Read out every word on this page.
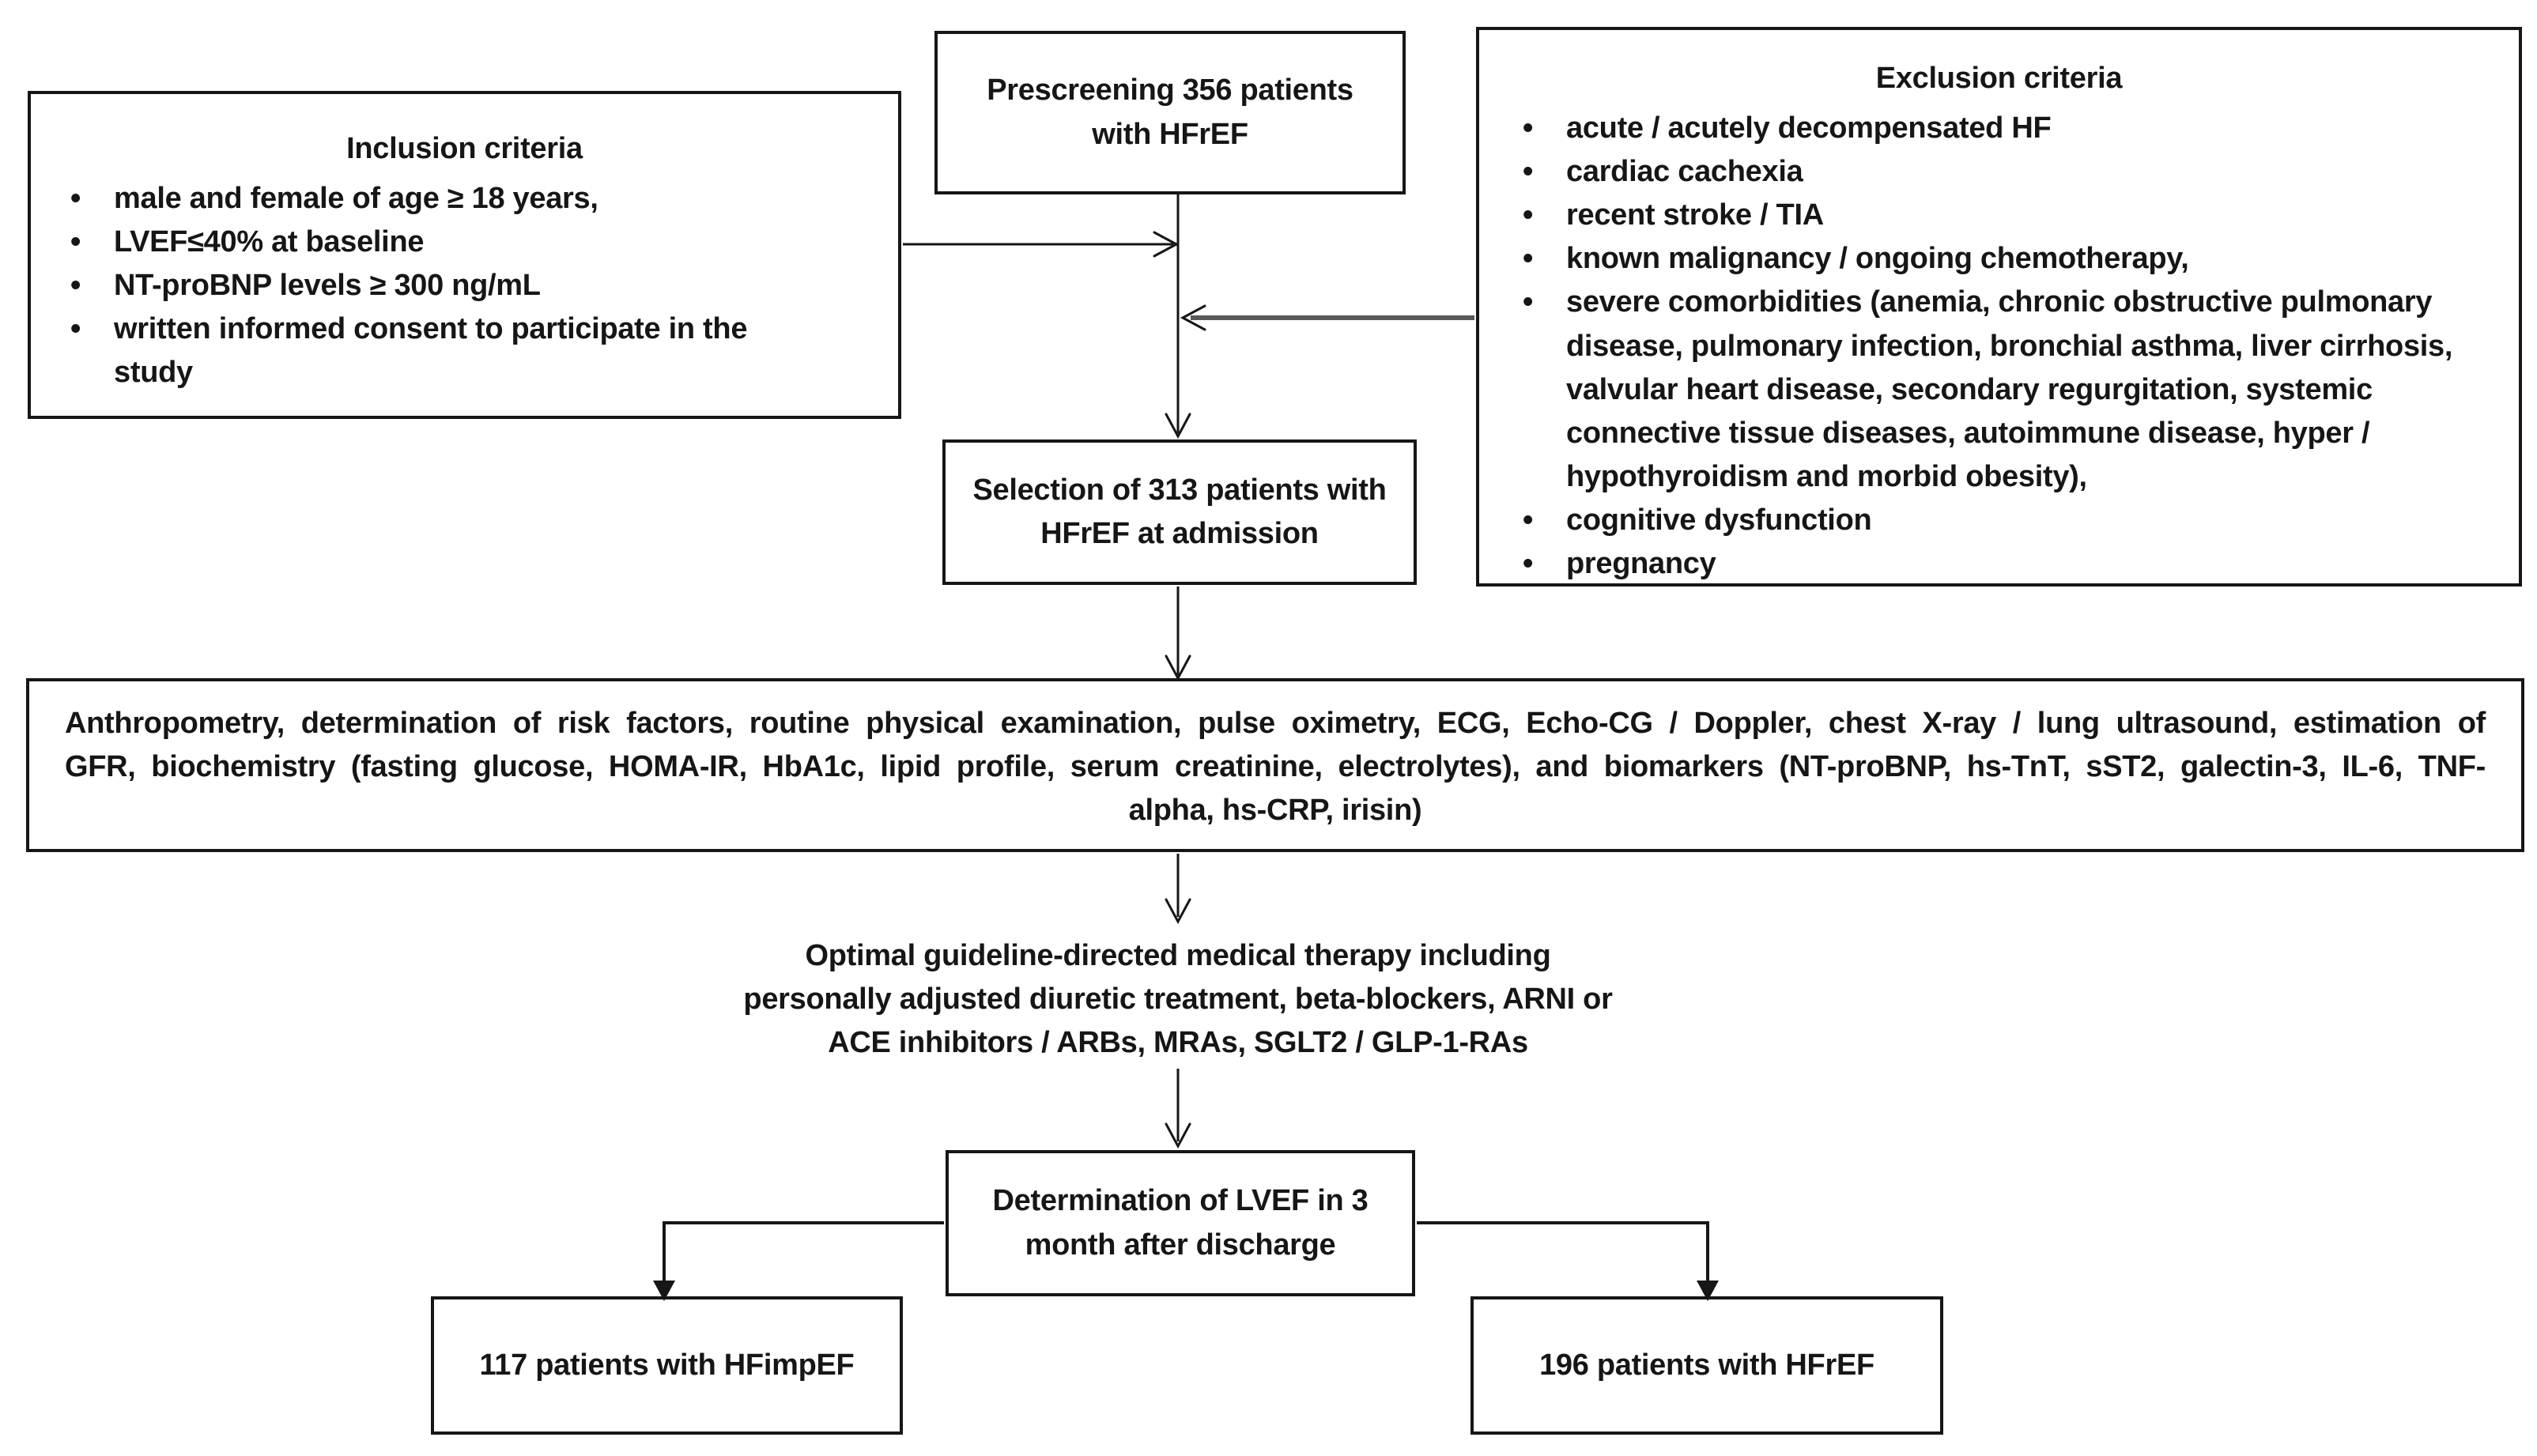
Inclusion criteria
•	male and female of age ≥ 18 years,
•	LVEF≤40% at baseline
•	NT-proBNP levels ≥ 300 ng/mL
•	written informed consent to participate in the study
Prescreening 356 patients with HFrEF
Exclusion criteria
•	acute / acutely decompensated HF
•	cardiac cachexia
•	recent stroke / TIA
•	known malignancy / ongoing chemotherapy,
•	severe comorbidities (anemia, chronic obstructive pulmonary disease, pulmonary infection, bronchial asthma, liver cirrhosis, valvular heart disease, secondary regurgitation, systemic connective tissue diseases, autoimmune disease, hyper / hypothyroidism and morbid obesity),
•	cognitive dysfunction
•	pregnancy
Selection of 313 patients with HFrEF at admission
Anthropometry, determination of risk factors, routine physical examination, pulse oximetry, ECG, Echo-CG / Doppler, chest X-ray / lung ultrasound, estimation of
GFR, biochemistry (fasting glucose, HOMA-IR, HbA1c, lipid profile, serum creatinine, electrolytes), and biomarkers (NT-proBNP, hs-TnT, sST2, galectin-3, IL-6, TNF-
alpha, hs-CRP, irisin)
Optimal guideline-directed medical therapy including
personally adjusted diuretic treatment, beta-blockers, ARNI or
ACE inhibitors / ARBs, MRAs, SGLT2 / GLP-1-RAs
Determination of LVEF in 3 month after discharge
117 patients with HFimpEF	196 patients with HFrEF
